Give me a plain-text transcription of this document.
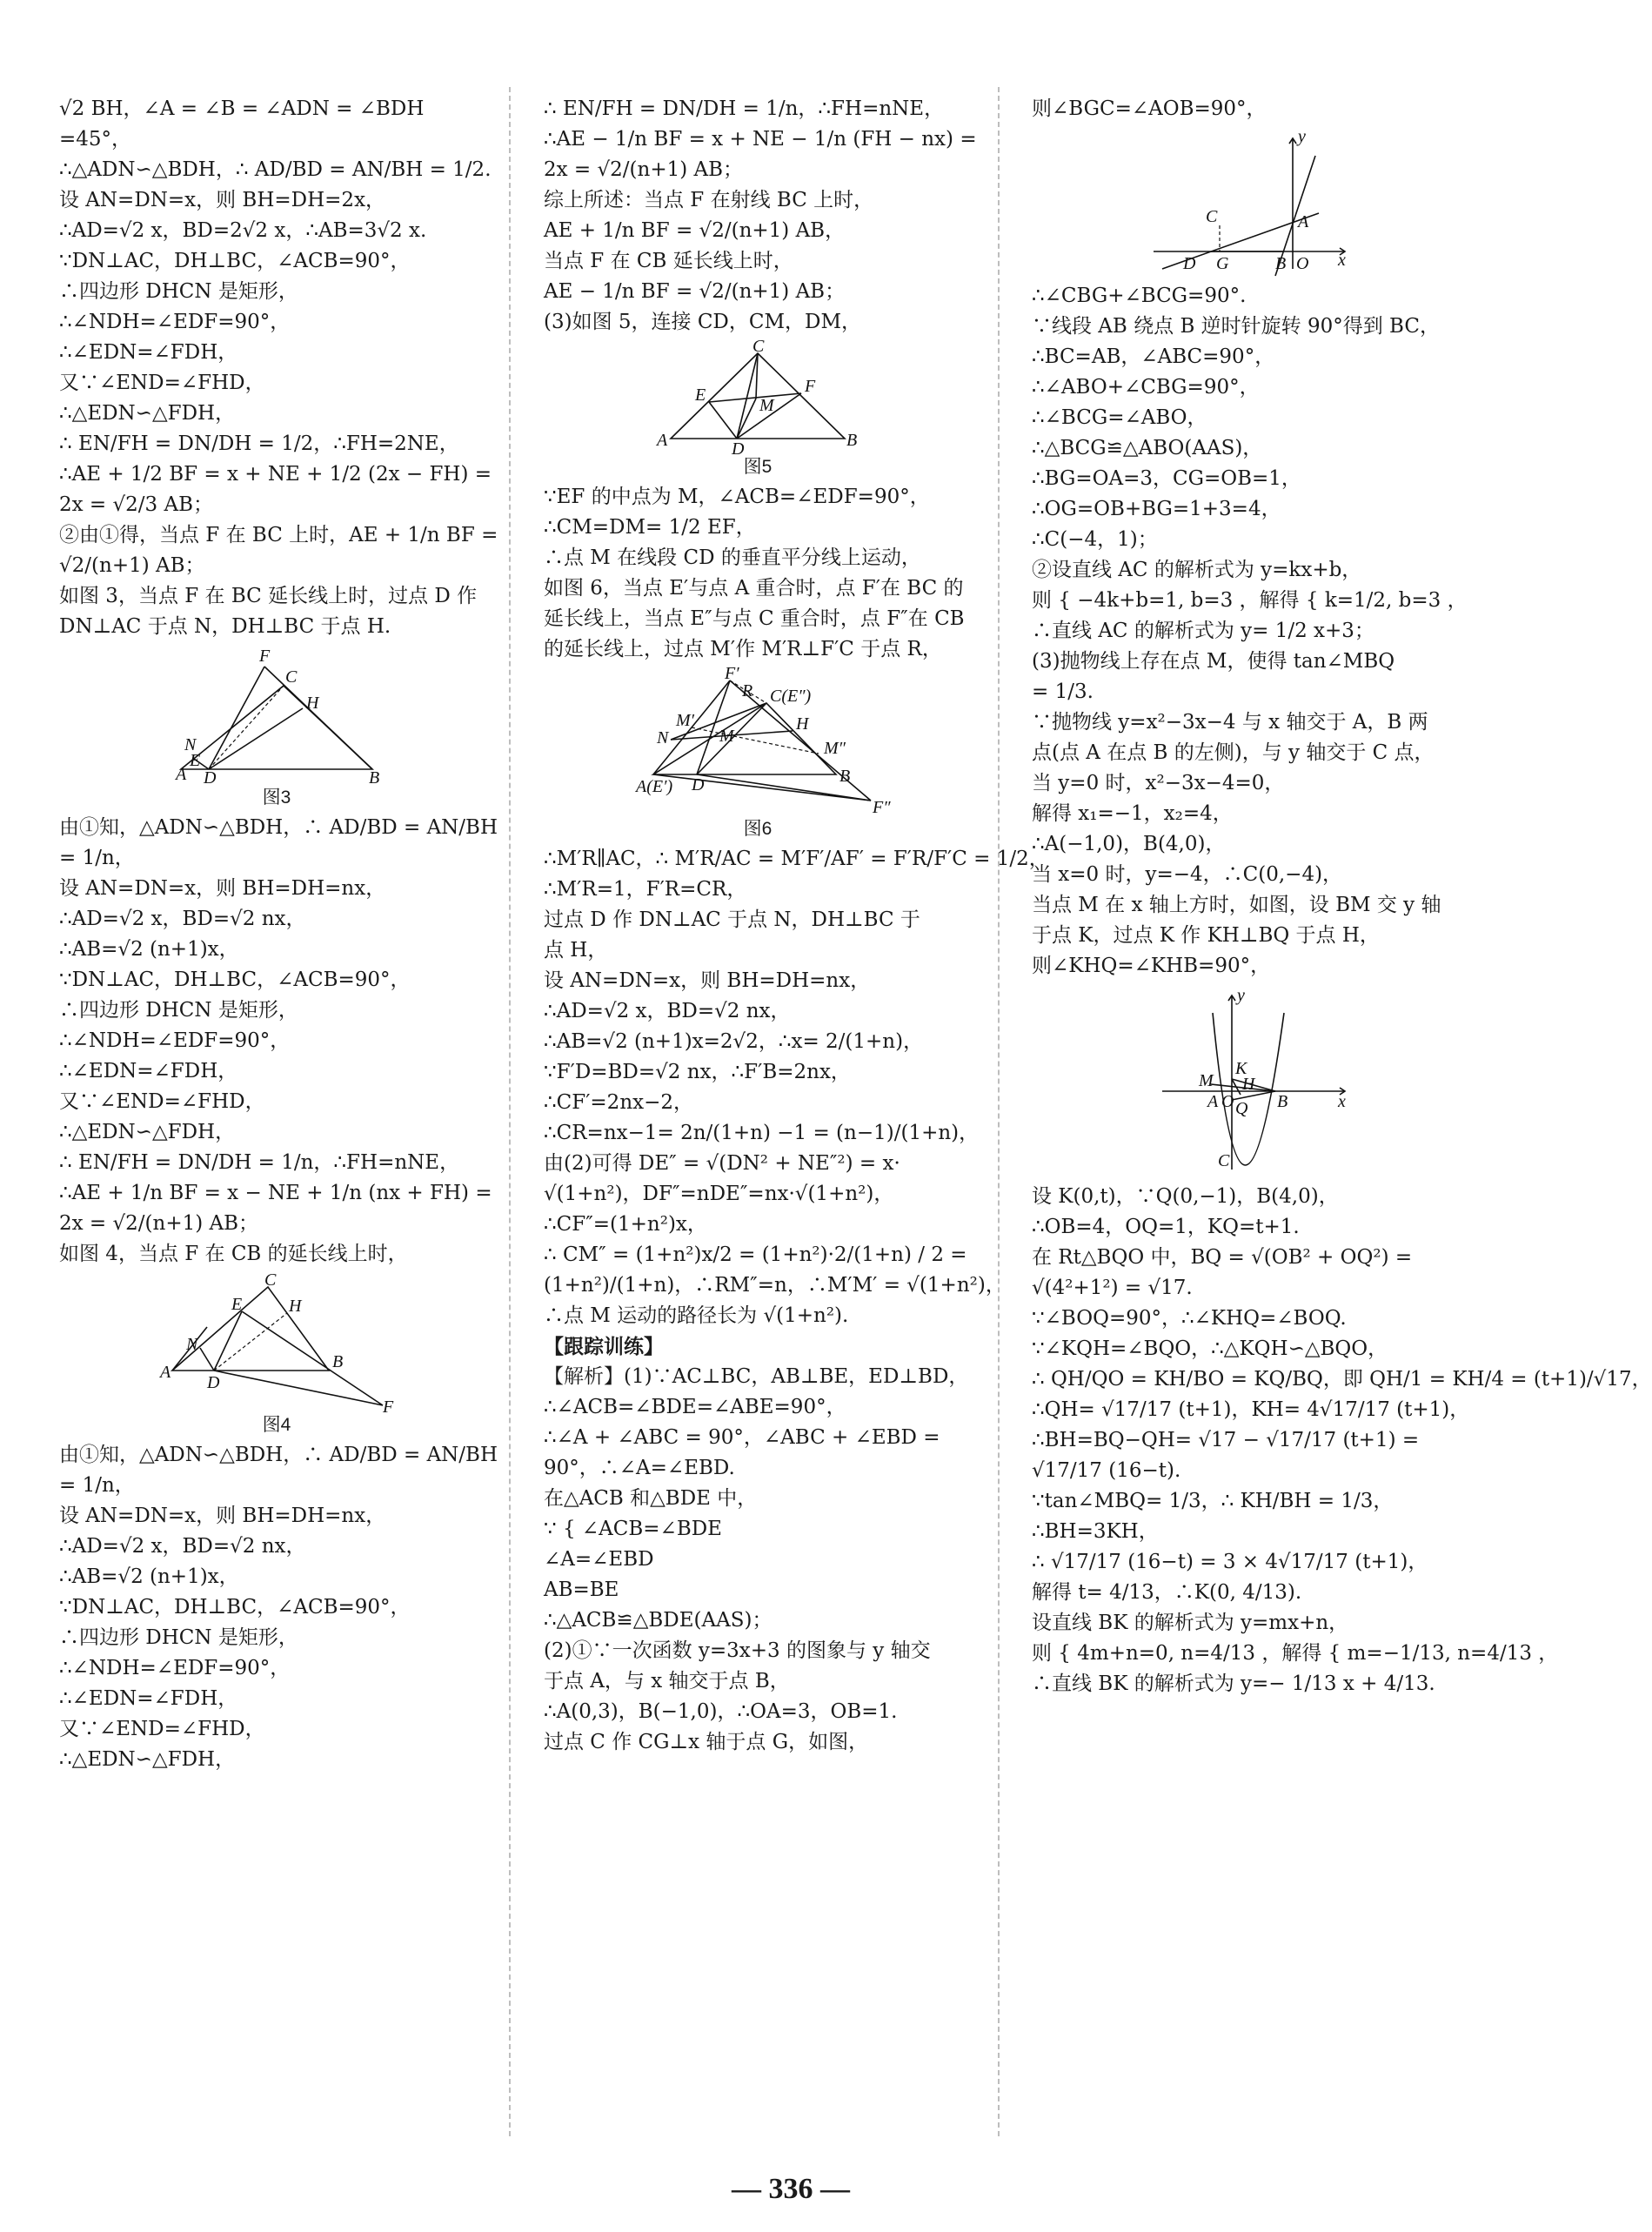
√2 BH，∠A = ∠B = ∠ADN = ∠BDH
=45°，
∴△ADN∽△BDH，∴ AD/BD = AN/BH = 1/2.
设 AN=DN=x，则 BH=DH=2x，
∴AD=√2 x，BD=2√2 x，∴AB=3√2 x.
∵DN⊥AC，DH⊥BC，∠ACB=90°，
∴四边形 DHCN 是矩形，
∴∠NDH=∠EDF=90°，
∴∠EDN=∠FDH，
又∵∠END=∠FHD，
∴△EDN∽△FDH，
∴ EN/FH = DN/DH = 1/2，∴FH=2NE，
∴AE + 1/2 BF = x + NE + 1/2 (2x − FH) =
2x = √2/3 AB；
②由①得，当点 F 在 BC 上时，AE + 1/n BF =
√2/(n+1) AB；
如图 3，当点 F 在 BC 延长线上时，过点 D 作
DN⊥AC 于点 N，DH⊥BC 于点 H.
F
C
H
N
A D	B
E
图3
由①知，△ADN∽△BDH，∴ AD/BD = AN/BH
= 1/n，
设 AN=DN=x，则 BH=DH=nx，
∴AD=√2 x，BD=√2 nx，
∴AB=√2 (n+1)x，
∵DN⊥AC，DH⊥BC，∠ACB=90°，
∴四边形 DHCN 是矩形，
∴∠NDH=∠EDF=90°，
∴∠EDN=∠FDH，
又∵∠END=∠FHD，
∴△EDN∽△FDH，
∴ EN/FH = DN/DH = 1/n，∴FH=nNE，
∴AE + 1/n BF = x − NE + 1/n (nx + FH) =
2x = √2/(n+1) AB；
如图 4，当点 F 在 CB 的延长线上时，
C
H
E
N
A
D
B
F
图4
由①知，△ADN∽△BDH，∴ AD/BD = AN/BH
= 1/n，
设 AN=DN=x，则 BH=DH=nx，
∴AD=√2 x，BD=√2 nx，
∴AB=√2 (n+1)x，
∵DN⊥AC，DH⊥BC，∠ACB=90°，
∴四边形 DHCN 是矩形，
∴∠NDH=∠EDF=90°，
∴∠EDN=∠FDH，
又∵∠END=∠FHD，
∴△EDN∽△FDH，
∴ EN/FH = DN/DH = 1/n，∴FH=nNE，
∴AE − 1/n BF = x + NE − 1/n (FH − nx) =
2x = √2/(n+1) AB；
综上所述：当点 F 在射线 BC 上时，
AE + 1/n BF = √2/(n+1) AB，
当点 F 在 CB 延长线上时，
AE − 1/n BF = √2/(n+1) AB；
(3)如图 5，连接 CD，CM，DM，
C
E	F
M
A	D	B
图5
∵EF 的中点为 M，∠ACB=∠EDF=90°，
∴CM=DM= 1/2 EF，
∴点 M 在线段 CD 的垂直平分线上运动，
如图 6，当点 E′与点 A 重合时，点 F′在 BC 的
延长线上，当点 E″与点 C 重合时，点 F″在 CB
的延长线上，过点 M′作 M′R⊥F′C 于点 R，
F′
R C(E″)
M′	H
M
M″
N
A(E′) D	B
F″
图6
∴M′R∥AC，∴ M′R/AC = M′F′/AF′ = F′R/F′C = 1/2，
∴M′R=1，F′R=CR，
过点 D 作 DN⊥AC 于点 N，DH⊥BC 于
点 H，
设 AN=DN=x，则 BH=DH=nx，
∴AD=√2 x，BD=√2 nx，
∴AB=√2 (n+1)x=2√2，∴x= 2/(1+n)，
∵F′D=BD=√2 nx，∴F′B=2nx，
∴CF′=2nx−2，
∴CR=nx−1= 2n/(1+n) −1 = (n−1)/(1+n)，
由(2)可得 DE″ = √(DN² + NE″²) = x·
√(1+n²)，DF″=nDE″=nx·√(1+n²)，
∴CF″=(1+n²)x，
∴ CM″ = (1+n²)x/2 = (1+n²)·2/(1+n) / 2 =
(1+n²)/(1+n)，∴RM″=n，∴M′M′ = √(1+n²)，
∴点 M 运动的路径长为 √(1+n²).
【跟踪训练】
【解析】(1)∵AC⊥BC，AB⊥BE，ED⊥BD，
∴∠ACB=∠BDE=∠ABE=90°，
∴∠A + ∠ABC = 90°，∠ABC + ∠EBD =
90°，∴∠A=∠EBD.
在△ACB 和△BDE 中，
∵ { ∠ACB=∠BDE
∠A=∠EBD
AB=BE
∴△ACB≌△BDE(AAS)；
(2)①∵一次函数 y=3x+3 的图象与 y 轴交
于点 A，与 x 轴交于点 B，
∴A(0,3)，B(−1,0)，∴OA=3，OB=1.
过点 C 作 CG⊥x 轴于点 G，如图，
则∠BGC=∠AOB=90°，
y
x
C	A
D G	B O
∴∠CBG+∠BCG=90°.
∵线段 AB 绕点 B 逆时针旋转 90°得到 BC，
∴BC=AB，∠ABC=90°，
∴∠ABO+∠CBG=90°，
∴∠BCG=∠ABO，
∴△BCG≌△ABO(AAS)，
∴BG=OA=3，CG=OB=1，
∴OG=OB+BG=1+3=4，
∴C(−4，1)；
②设直线 AC 的解析式为 y=kx+b，
则 { −4k+b=1, b=3 ，解得 { k=1/2, b=3 ，
∴直线 AC 的解析式为 y= 1/2 x+3；
(3)抛物线上存在点 M，使得 tan∠MBQ
= 1/3.
∵抛物线 y=x²−3x−4 与 x 轴交于 A，B 两
点(点 A 在点 B 的左侧)，与 y 轴交于 C 点，
当 y=0 时，x²−3x−4=0，
解得 x₁=−1，x₂=4，
∴A(−1,0)，B(4,0)，
当 x=0 时，y=−4，∴C(0,−4)，
当点 M 在 x 轴上方时，如图，设 BM 交 y 轴
于点 K，过点 K 作 KH⊥BQ 于点 H，
则∠KHQ=∠KHB=90°，
y
x
K
M H
A O Q B
C
设 K(0,t)，∵Q(0,−1)，B(4,0)，
∴OB=4，OQ=1，KQ=t+1.
在 Rt△BQO 中，BQ = √(OB² + OQ²) =
√(4²+1²) = √17.
∵∠BOQ=90°，∴∠KHQ=∠BOQ.
∵∠KQH=∠BQO，∴△KQH∽△BQO，
∴ QH/QO = KH/BO = KQ/BQ，即 QH/1 = KH/4 = (t+1)/√17，
∴QH= √17/17 (t+1)，KH= 4√17/17 (t+1)，
∴BH=BQ−QH= √17 − √17/17 (t+1) =
√17/17 (16−t).
∵tan∠MBQ= 1/3，∴ KH/BH = 1/3，
∴BH=3KH，
∴ √17/17 (16−t) = 3 × 4√17/17 (t+1)，
解得 t= 4/13，∴K(0, 4/13).
设直线 BK 的解析式为 y=mx+n，
则 { 4m+n=0, n=4/13 ，解得 { m=−1/13, n=4/13 ，
∴直线 BK 的解析式为 y=− 1/13 x + 4/13.
— 336 —
